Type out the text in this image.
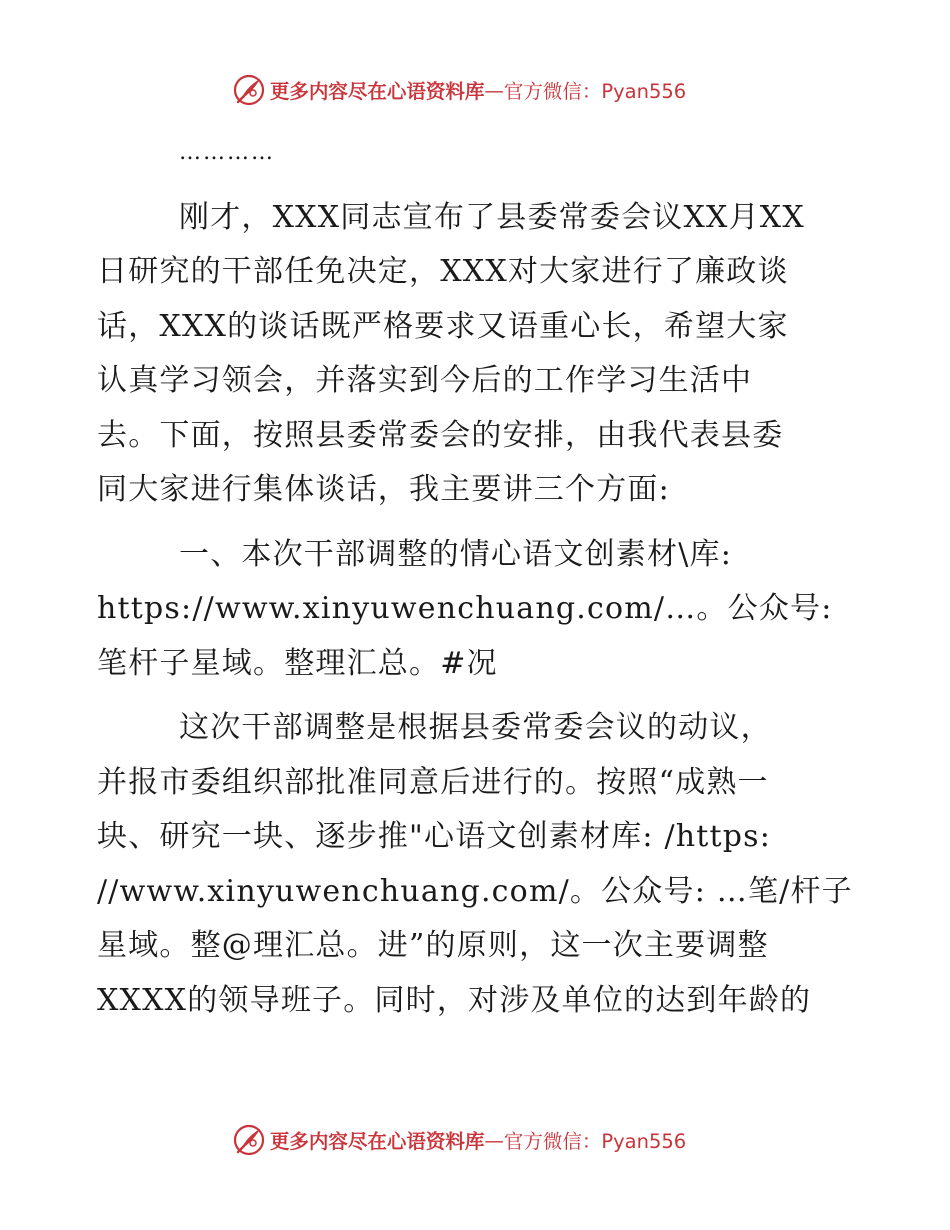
更多内容尽在心语资料库 — 官方微信：Pyan556
…………
刚才，XXX同志宣布了县委常委会议XX月XX
日研究的干部任免决定，XXX对大家进行了廉政谈
话，XXX的谈话既严格要求又语重心长，希望大家
认真学习领会，并落实到今后的工作学习生活中
去。下面，按照县委常委会的安排，由我代表县委
同大家进行集体谈话，我主要讲三个方面:
一、本次干部调整的情心语文创素材\库:
https://www.xinyuwenchuang.com/…。公众号:
笔杆子星域。整理汇总。#况
这次干部调整是根据县委常委会议的动议，
并报市委组织部批准同意后进行的。按照“成熟一
块、研究一块、逐步推"心语文创素材库: /https:
//www.xinyuwenchuang.com/。公众号: …笔/杆子
星域。整@理汇总。进”的原则，这一次主要调整
XXXX的领导班子。同时，对涉及单位的达到年龄的
更多内容尽在心语资料库 — 官方微信：Pyan556
